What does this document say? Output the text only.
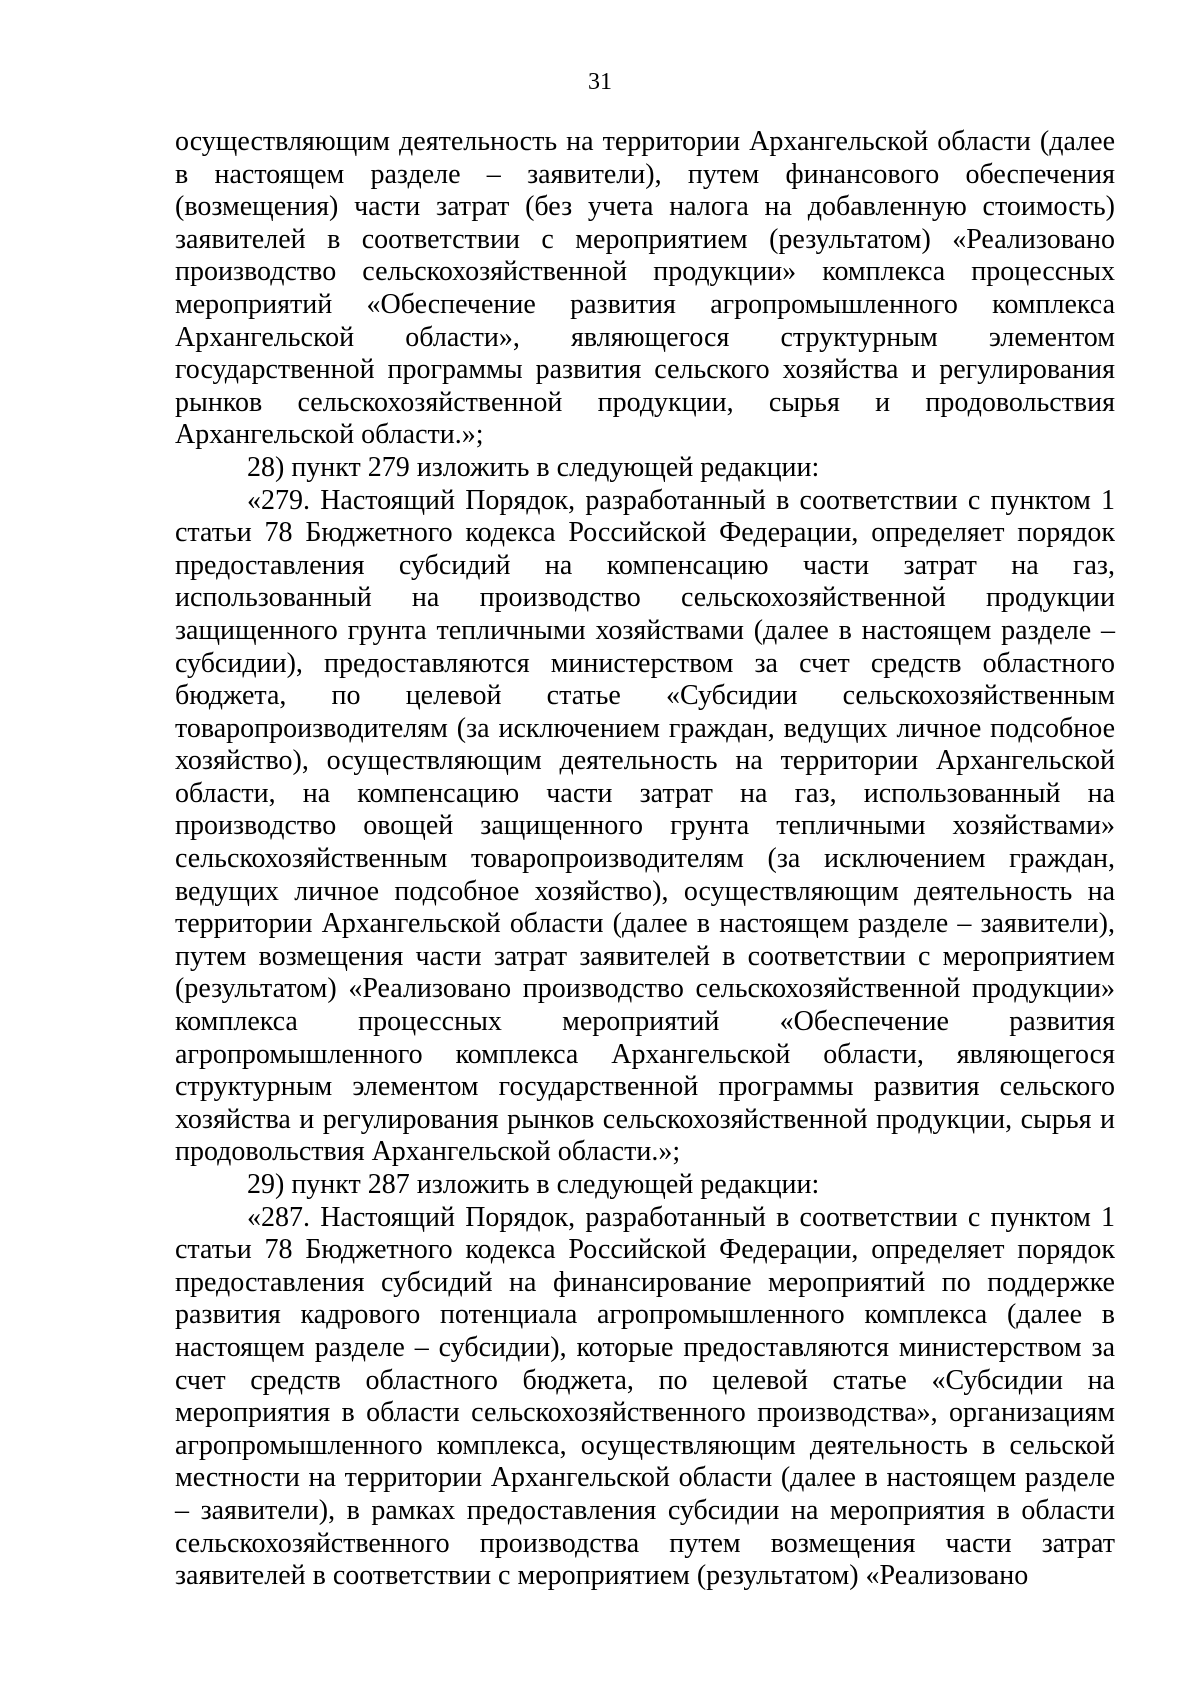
31

осуществляющим деятельность на территории Архангельской области (далее в настоящем разделе – заявители), путем финансового обеспечения (возмещения) части затрат (без учета налога на добавленную стоимость) заявителей в соответствии с мероприятием (результатом) «Реализовано производство сельскохозяйственной продукции» комплекса процессных мероприятий «Обеспечение развития агропромышленного комплекса Архангельской области», являющегося структурным элементом государственной программы развития сельского хозяйства и регулирования рынков сельскохозяйственной продукции, сырья и продовольствия Архангельской области.»;

28) пункт 279 изложить в следующей редакции:

«279. Настоящий Порядок, разработанный в соответствии с пунктом 1 статьи 78 Бюджетного кодекса Российской Федерации, определяет порядок предоставления субсидий на компенсацию части затрат на газ, использованный на производство сельскохозяйственной продукции защищенного грунта тепличными хозяйствами (далее в настоящем разделе – субсидии), предоставляются министерством за счет средств областного бюджета, по целевой статье «Субсидии сельскохозяйственным товаропроизводителям (за исключением граждан, ведущих личное подсобное хозяйство), осуществляющим деятельность на территории Архангельской области, на компенсацию части затрат на газ, использованный на производство овощей защищенного грунта тепличными хозяйствами» сельскохозяйственным товаропроизводителям (за исключением граждан, ведущих личное подсобное хозяйство), осуществляющим деятельность на территории Архангельской области (далее в настоящем разделе – заявители), путем возмещения части затрат заявителей в соответствии с мероприятием (результатом) «Реализовано производство сельскохозяйственной продукции» комплекса процессных мероприятий «Обеспечение развития агропромышленного комплекса Архангельской области, являющегося структурным элементом государственной программы развития сельского хозяйства и регулирования рынков сельскохозяйственной продукции, сырья и продовольствия Архангельской области.»;

29) пункт 287 изложить в следующей редакции:

«287. Настоящий Порядок, разработанный в соответствии с пунктом 1 статьи 78 Бюджетного кодекса Российской Федерации, определяет порядок предоставления субсидий на финансирование мероприятий по поддержке развития кадрового потенциала агропромышленного комплекса (далее в настоящем разделе – субсидии), которые предоставляются министерством за счет средств областного бюджета, по целевой статье «Субсидии на мероприятия в области сельскохозяйственного производства», организациям агропромышленного комплекса, осуществляющим деятельность в сельской местности на территории Архангельской области (далее в настоящем разделе – заявители), в рамках предоставления субсидии на мероприятия в области сельскохозяйственного производства путем возмещения части затрат заявителей в соответствии с мероприятием (результатом) «Реализовано
